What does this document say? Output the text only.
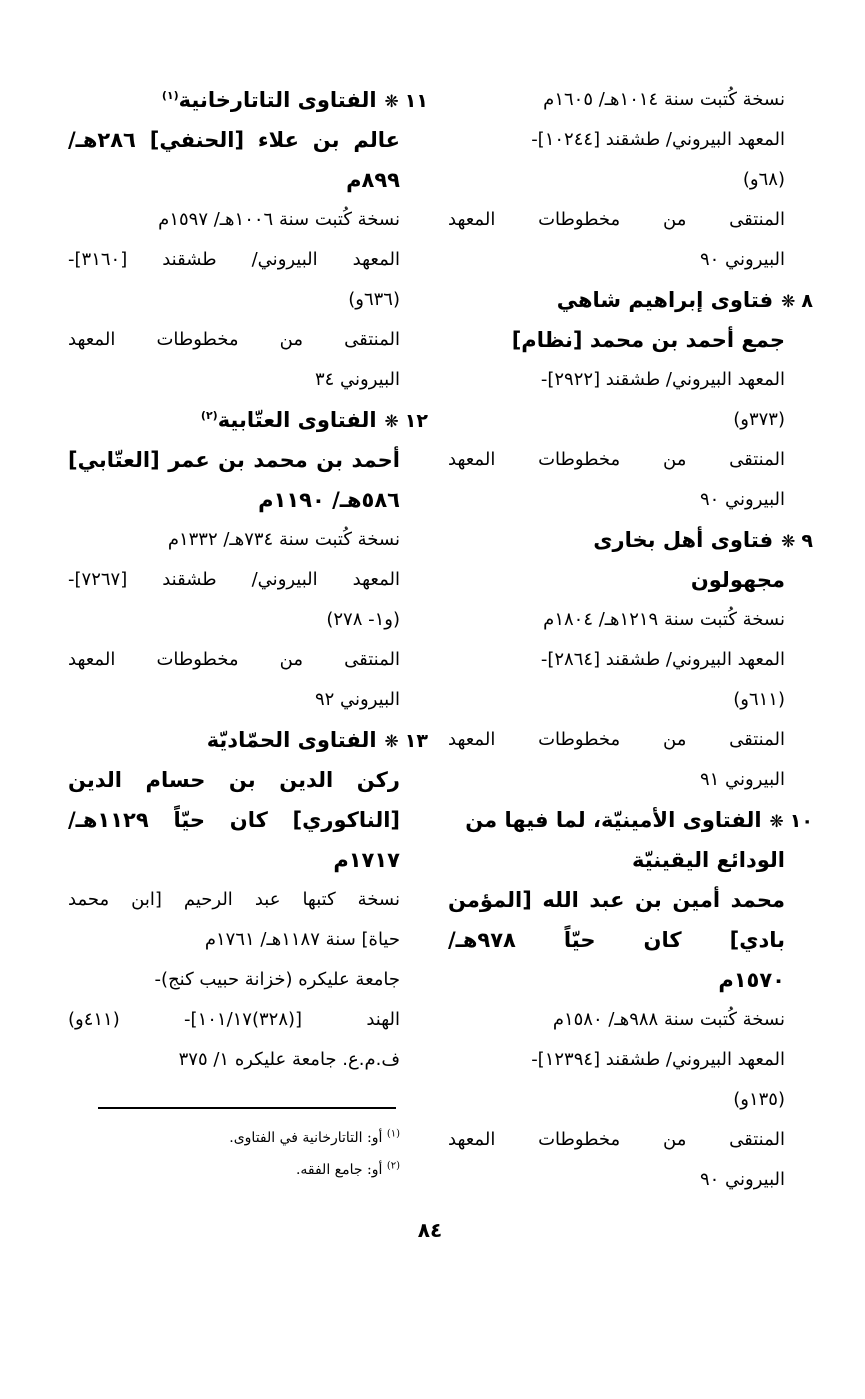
نسخة كُتبت سنة ١٠١٤هـ/ ١٦٠٥م
المعهد البيروني/ طشقند [١٠٢٤٤]-
(٦٨و)
المنتقى من مخطوطات المعهد
البيروني ٩٠
٨❋فتاوى إبراهيم شاهي
جمع أحمد بن محمد [نظام]
المعهد البيروني/ طشقند [٢٩٢٢]-
(٣٧٣و)
المنتقى من مخطوطات المعهد
البيروني ٩٠
٩❋فتاوى أهل بخارى
مجهولون
نسخة كُتبت سنة ١٢١٩هـ/ ١٨٠٤م
المعهد البيروني/ طشقند [٢٨٦٤]-
(٦١١و)
المنتقى من مخطوطات المعهد
البيروني ٩١
١٠❋الفتاوى الأمينيّة، لما فيها من
الودائع اليقينيّة
محمد أمين بن عبد الله [المؤمن
بادي] كان حيّاً ٩٧٨هـ/
١٥٧٠م
نسخة كُتبت سنة ٩٨٨هـ/ ١٥٨٠م
المعهد البيروني/ طشقند [١٢٣٩٤]-
(١٣٥و)
المنتقى من مخطوطات المعهد
البيروني ٩٠
١١❋الفتاوى التاتارخانية$^{(١)}$
عالم بن علاء [الحنفي] ٢٨٦هـ/
٨٩٩م
نسخة كُتبت سنة ١٠٠٦هـ/ ١٥٩٧م
المعهد البيروني/ طشقند [٣١٦٠]-
(٦٣٦و)
المنتقى من مخطوطات المعهد
البيروني ٣٤
١٢❋الفتاوى العتّابية$^{(٢)}$
أحمد بن محمد بن عمر [العتّابي]
٥٨٦هـ/ ١١٩٠م
نسخة كُتبت سنة ٧٣٤هـ/ ١٣٣٢م
المعهد البيروني/ طشقند [٧٢٦٧]-
(و١- ٢٧٨)
المنتقى من مخطوطات المعهد
البيروني ٩٢
١٣❋الفتاوى الحمّاديّة
ركن الدين بن حسام الدين
[الناكوري] كان حيّاً ١١٢٩هـ/
١٧١٧م
نسخة كتبها عبد الرحيم [ابن محمد
حياة] سنة ١١٨٧هـ/ ١٧٦١م
جامعة عليكره (خزانة حبيب كنج)-
الهند [(٣٢٨)١٠١/١٧]- (٤١١و)
ف.م.ع. جامعة عليكره ١/ ٣٧٥
$^{(١)}$ أو: التاتارخانية في الفتاوى.
$^{(٢)}$ أو: جامع الفقه.
٨٤
